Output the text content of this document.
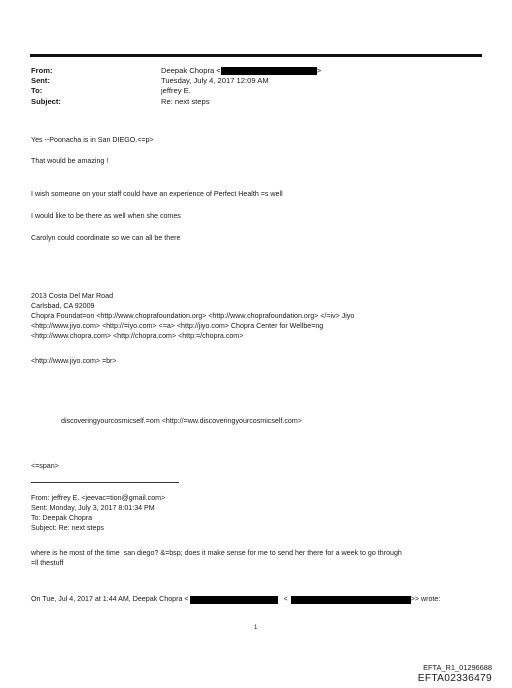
From:	Deepak Chopra <	>
Sent:	Tuesday, July 4, 2017 12:09 AM
To:	jeffrey E.
Subject:	Re: next steps
Yes --Poonacha is in San DIEGO.<=p>
That would be amazing !
I wish someone on your staff could have an experience of Perfect Health =s well
I would like to be there as well when she comes
Carolyn could coordinate so we can all be there
2013 Costa Del Mar Road
Carlsbad, CA 92009
Chopra Foundat=on <http://www.choprafoundation.org> <http://www.choprafoundation.org> </=iv> Jiyo
<http://www.jiyo.com> <http://=iyo.com> <=a> <http://jiyo.com> Chopra Center for Wellbe=ng
<http://www.chopra.com> <http://chopra.com> <http:=/chopra.com>
<http://www.jiyo.com> =br>
discoveringyourcosmicself.=om <http://=ww.discoveringyourcosmicself.com>
<=span>
From: jeffrey E. <jeevac=tion@gmail.com>
Sent: Monday, July 3, 2017 8:01:34 PM
To: Deepak Chopra
Subject: Re: next steps
where is he most of the time  san diego? &=bsp; does it make sense for me to send her there for a week to go through
=ll thestuff
On Tue, Jul 4, 2017 at 1:44 AM, Deepak Chopra <	<	>> wrote:
1
EFTA_R1_01296688
EFTA02336479
